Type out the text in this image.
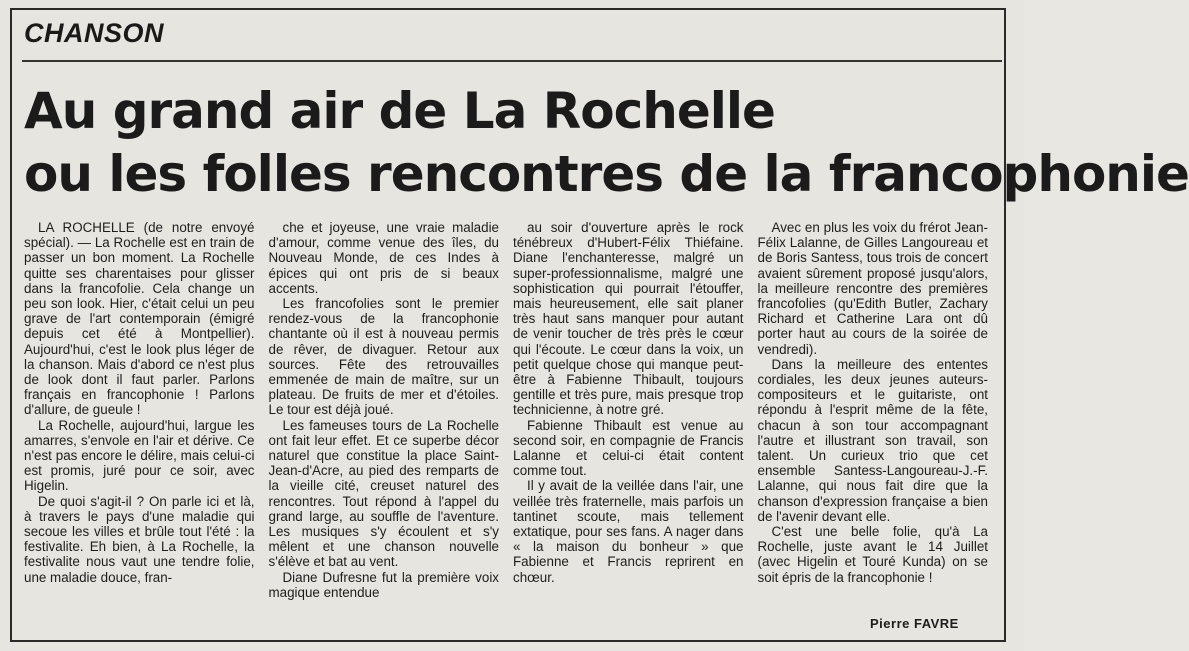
CHANSON
Au grand air de La Rochelle
ou les folles rencontres de la francophonie

LA ROCHELLE (de notre envoyé spécial). — La Rochelle est en train de passer un bon moment. La Rochelle quitte ses charentaises pour glisser dans la francofolie. Cela change un peu son look. Hier, c'était celui un peu grave de l'art contemporain (émigré depuis cet été à Montpellier). Aujourd'hui, c'est le look plus léger de la chanson. Mais d'abord ce n'est plus de look dont il faut parler. Parlons français en francophonie ! Parlons d'allure, de gueule !

La Rochelle, aujourd'hui, largue les amarres, s'envole en l'air et dérive. Ce n'est pas encore le délire, mais celui-ci est promis, juré pour ce soir, avec Higelin.

De quoi s'agit-il ? On parle ici et là, à travers le pays d'une maladie qui secoue les villes et brûle tout l'été : la festivalite. Eh bien, à La Rochelle, la festivalite nous vaut une tendre folie, une maladie douce, fran-

che et joyeuse, une vraie maladie d'amour, comme venue des îles, du Nouveau Monde, de ces Indes à épices qui ont pris de si beaux accents.

Les francofolies sont le premier rendez-vous de la francophonie chantante où il est à nouveau permis de rêver, de divaguer. Retour aux sources. Fête des retrouvailles emmenée de main de maître, sur un plateau. De fruits de mer et d'étoiles. Le tour est déjà joué.

Les fameuses tours de La Rochelle ont fait leur effet. Et ce superbe décor naturel que constitue la place Saint-Jean-d'Acre, au pied des remparts de la vieille cité, creuset naturel des rencontres. Tout répond à l'appel du grand large, au souffle de l'aventure. Les musiques s'y écoulent et s'y mêlent et une chanson nouvelle s'élève et bat au vent.

Diane Dufresne fut la première voix magique entendue

au soir d'ouverture après le rock ténébreux d'Hubert-Félix Thiéfaine. Diane l'enchanteresse, malgré un super-professionnalisme, malgré une sophistication qui pourrait l'étouffer, mais heureusement, elle sait planer très haut sans manquer pour autant de venir toucher de très près le cœur qui l'écoute. Le cœur dans la voix, un petit quelque chose qui manque peut-être à Fabienne Thibault, toujours gentille et très pure, mais presque trop technicienne, à notre gré.

Fabienne Thibault est venue au second soir, en compagnie de Francis Lalanne et celui-ci était content comme tout.

Il y avait de la veillée dans l'air, une veillée très fraternelle, mais parfois un tantinet scoute, mais tellement extatique, pour ses fans. A nager dans « la maison du bonheur » que Fabienne et Francis reprirent en chœur.

Avec en plus les voix du frérot Jean-Félix Lalanne, de Gilles Langoureau et de Boris Santess, tous trois de concert avaient sûrement proposé jusqu'alors, la meilleure rencontre des premières francofolies (qu'Edith Butler, Zachary Richard et Catherine Lara ont dû porter haut au cours de la soirée de vendredi).

Dans la meilleure des ententes cordiales, les deux jeunes auteurs-compositeurs et le guitariste, ont répondu à l'esprit même de la fête, chacun à son tour accompagnant l'autre et illustrant son travail, son talent. Un curieux trio que cet ensemble Santess-Langoureau-J.-F. Lalanne, qui nous fait dire que la chanson d'expression française a bien de l'avenir devant elle.

C'est une belle folie, qu'à La Rochelle, juste avant le 14 Juillet (avec Higelin et Touré Kunda) on se soit épris de la francophonie !

Pierre FAVRE
